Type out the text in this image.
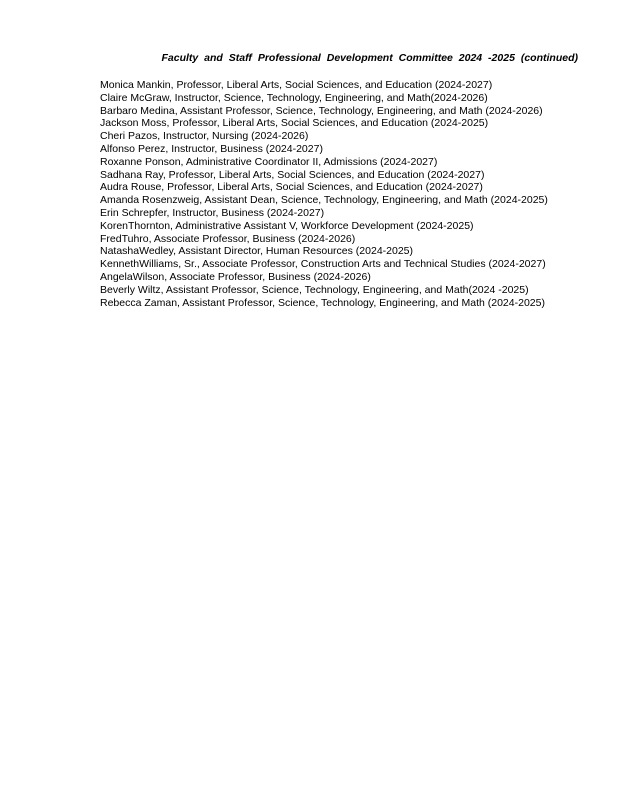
Faculty and Staff Professional Development Committee 2024 -2025 (continued)
Monica Mankin, Professor, Liberal Arts, Social Sciences, and Education (2024-2027)
Claire McGraw, Instructor, Science, Technology, Engineering, and Math(2024-2026)
Barbaro Medina, Assistant Professor, Science, Technology, Engineering, and Math (2024-2026)
Jackson Moss, Professor, Liberal Arts, Social Sciences, and Education (2024-2025)
Cheri Pazos, Instructor, Nursing (2024-2026)
Alfonso Perez, Instructor, Business (2024-2027)
Roxanne Ponson, Administrative Coordinator II, Admissions (2024-2027)
Sadhana Ray, Professor, Liberal Arts, Social Sciences, and Education (2024-2027)
Audra Rouse, Professor, Liberal Arts, Social Sciences, and Education (2024-2027)
Amanda Rosenzweig, Assistant Dean, Science, Technology, Engineering, and Math (2024-2025)
Erin Schrepfer, Instructor, Business (2024-2027)
KorenThornton, Administrative Assistant V, Workforce Development (2024-2025)
FredTuhro, Associate Professor, Business (2024-2026)
NatashaWedley, Assistant Director, Human Resources (2024-2025)
KennethWilliams, Sr., Associate Professor, Construction Arts and Technical Studies (2024-2027)
AngelaWilson, Associate Professor, Business (2024-2026)
Beverly Wiltz, Assistant Professor, Science, Technology, Engineering, and Math(2024 -2025)
Rebecca Zaman, Assistant Professor, Science, Technology, Engineering, and Math (2024-2025)
